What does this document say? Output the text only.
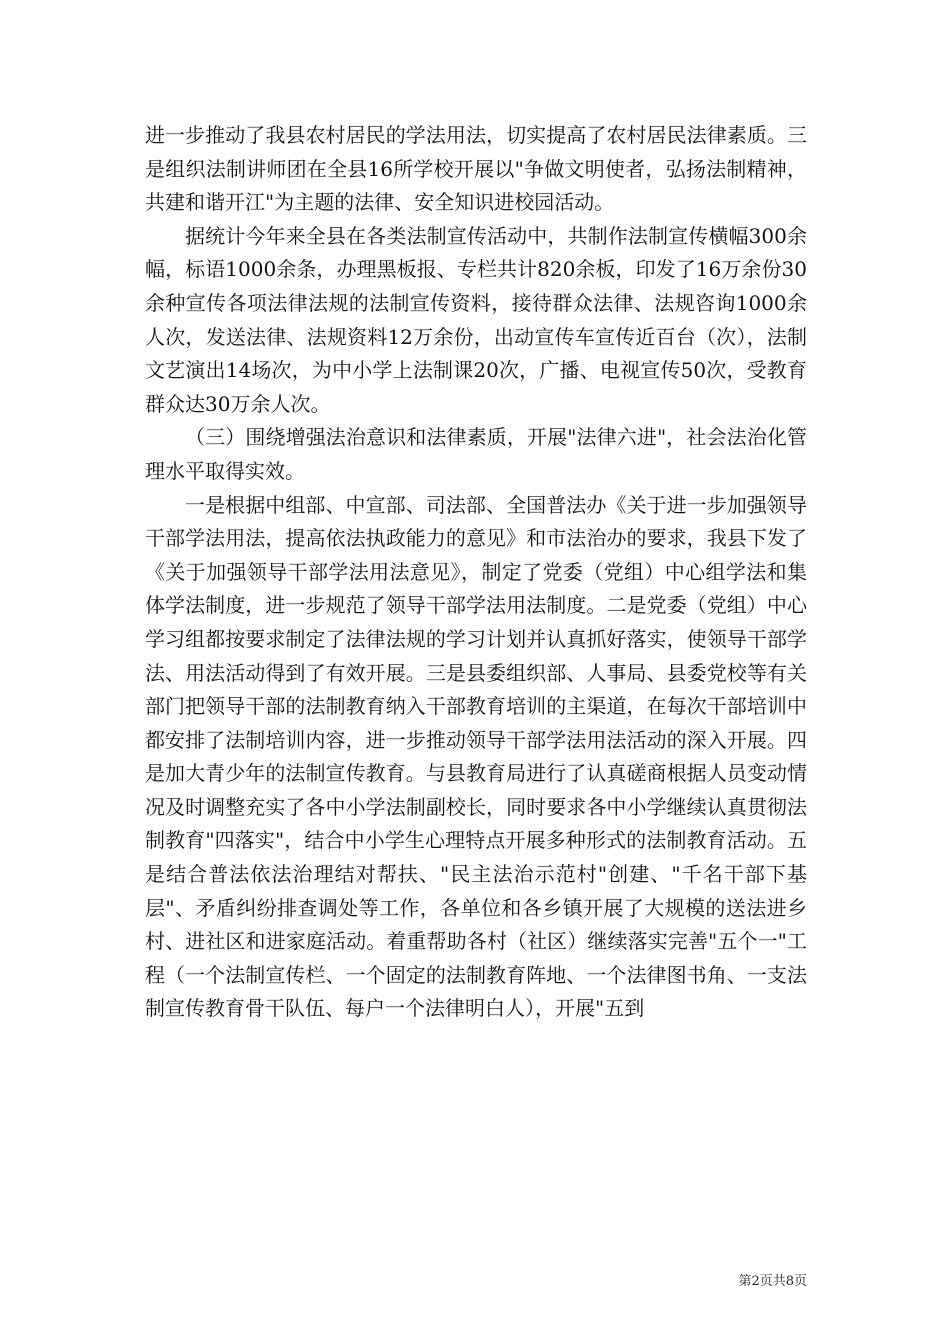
进一步推动了我县农村居民的学法用法，切实提高了农村居民法律素质。三是组织法制讲师团在全县16所学校开展以"争做文明使者，弘扬法制精神，共建和谐开江"为主题的法律、安全知识进校园活动。

据统计今年来全县在各类法制宣传活动中，共制作法制宣传横幅300余幅，标语1000余条，办理黑板报、专栏共计820余板，印发了16万余份30余种宣传各项法律法规的法制宣传资料，接待群众法律、法规咨询1000余人次，发送法律、法规资料12万余份，出动宣传车宣传近百台（次），法制文艺演出14场次，为中小学上法制课20次，广播、电视宣传50次，受教育群众达30万余人次。

（三）围绕增强法治意识和法律素质，开展"法律六进"，社会法治化管理水平取得实效。

一是根据中组部、中宣部、司法部、全国普法办《关于进一步加强领导干部学法用法，提高依法执政能力的意见》和市法治办的要求，我县下发了《关于加强领导干部学法用法意见》，制定了党委（党组）中心组学法和集体学法制度，进一步规范了领导干部学法用法制度。二是党委（党组）中心学习组都按要求制定了法律法规的学习计划并认真抓好落实，使领导干部学法、用法活动得到了有效开展。三是县委组织部、人事局、县委党校等有关部门把领导干部的法制教育纳入干部教育培训的主渠道，在每次干部培训中都安排了法制培训内容，进一步推动领导干部学法用法活动的深入开展。四是加大青少年的法制宣传教育。与县教育局进行了认真磋商根据人员变动情况及时调整充实了各中小学法制副校长，同时要求各中小学继续认真贯彻法制教育"四落实"，结合中小学生心理特点开展多种形式的法制教育活动。五是结合普法依法治理结对帮扶、"民主法治示范村"创建、"千名干部下基层"、矛盾纠纷排查调处等工作，各单位和各乡镇开展了大规模的送法进乡村、进社区和进家庭活动。着重帮助各村（社区）继续落实完善"五个一"工程（一个法制宣传栏、一个固定的法制教育阵地、一个法律图书角、一支法制宣传教育骨干队伍、每户一个法律明白人），开展"五到

第2页共8页
